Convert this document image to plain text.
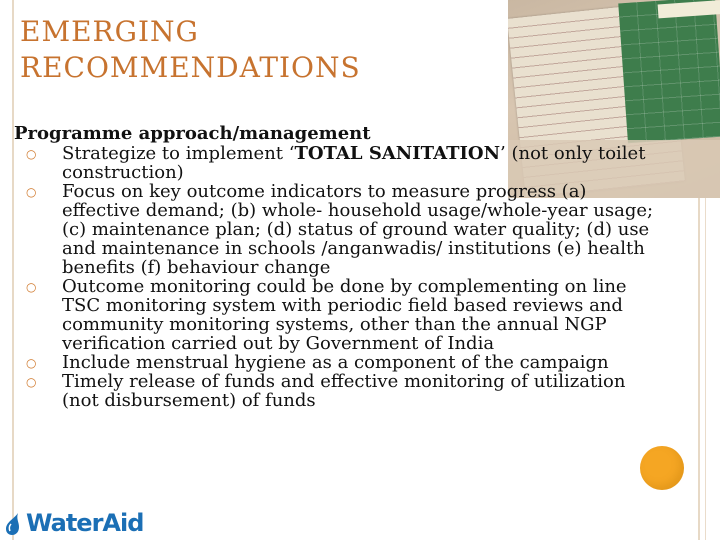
EMERGING
RECOMMENDATIONS

Programme approach/management

○ Strategize to implement ‘TOTAL SANITATION’ (not only toilet construction)
○ Focus on key outcome indicators to measure progress (a) effective demand; (b) whole- household usage/whole-year usage; (c) maintenance plan; (d) status of ground water quality; (d) use and maintenance in schools /anganwadis/ institutions (e) health benefits (f) behaviour change
○ Outcome monitoring could be done by complementing on line TSC monitoring system with periodic field based reviews and community monitoring systems, other than the annual NGP verification carried out by Government of India
○ Include menstrual hygiene as a component of the campaign
○ Timely release of funds and effective monitoring of utilization (not disbursement) of funds
WaterAid
